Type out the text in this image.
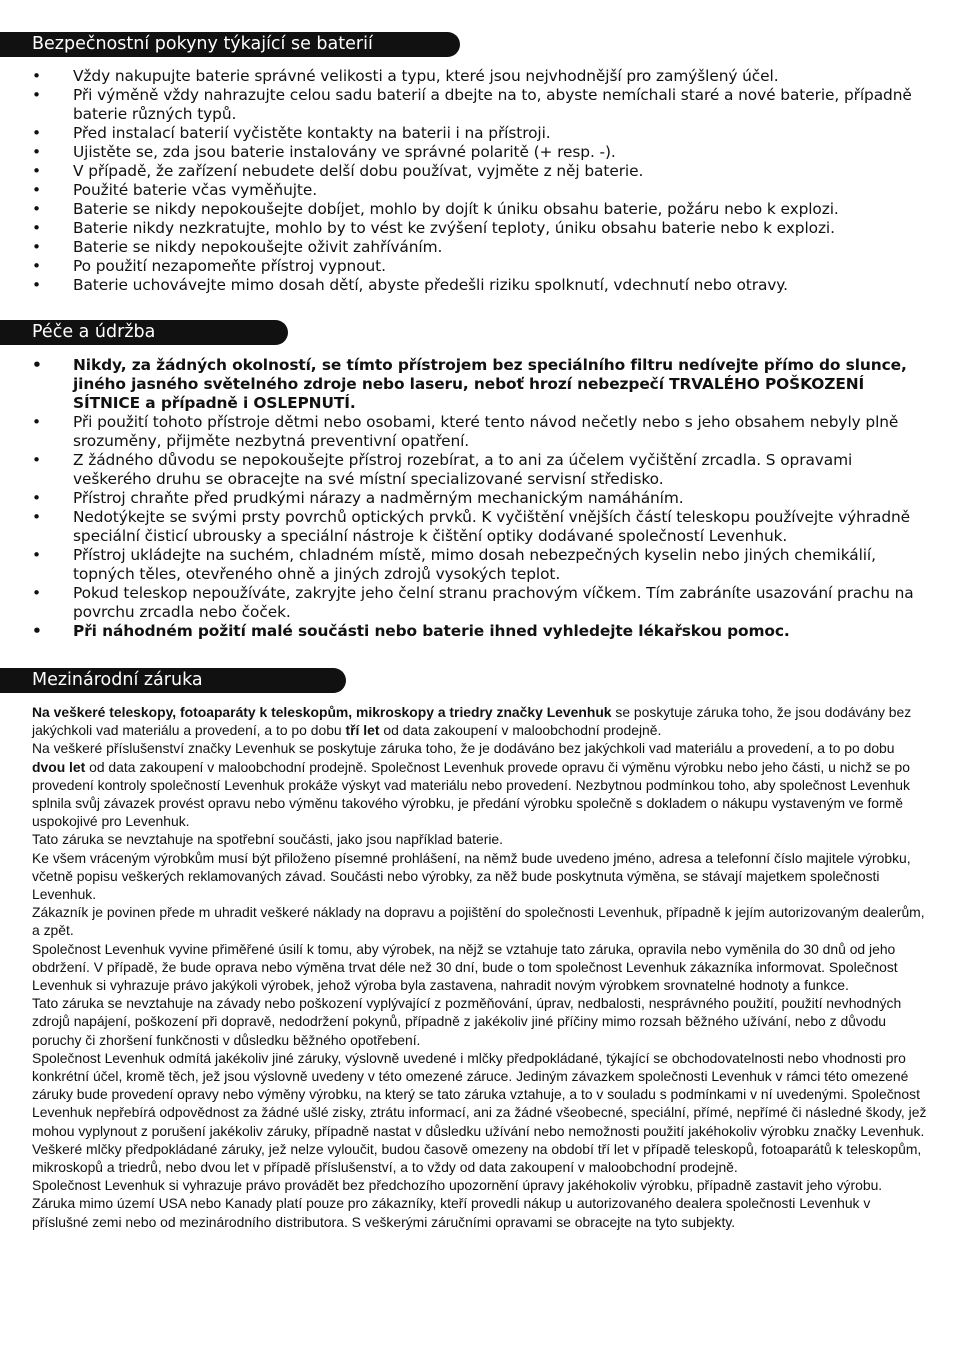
Bezpečnostní pokyny týkající se baterií
• Vždy nakupujte baterie správné velikosti a typu, které jsou nejvhodnější pro zamýšlený účel.
• Při výměně vždy nahrazujte celou sadu baterií a dbejte na to, abyste nemíchali staré a nové baterie, případně baterie různých typů.
• Před instalací baterií vyčistěte kontakty na baterii i na přístroji.
• Ujistěte se, zda jsou baterie instalovány ve správné polaritě (+ resp. -).
• V případě, že zařízení nebudete delší dobu používat, vyjměte z něj baterie.
• Použité baterie včas vyměňujte.
• Baterie se nikdy nepokoušejte dobíjet, mohlo by dojít k úniku obsahu baterie, požáru nebo k explozi.
• Baterie nikdy nezkratujte, mohlo by to vést ke zvýšení teploty, úniku obsahu baterie nebo k explozi.
• Baterie se nikdy nepokoušejte oživit zahříváním.
• Po použití nezapomeňte přístroj vypnout.
• Baterie uchovávejte mimo dosah dětí, abyste předešli riziku spolknutí, vdechnutí nebo otravy.
Péče a údržba
• Nikdy, za žádných okolností, se tímto přístrojem bez speciálního filtru nedívejte přímo do slunce, jiného jasného světelného zdroje nebo laseru, neboť hrozí nebezpečí TRVALÉHO POŠKOZENÍ SÍTNICE a případně i OSLEPNUTÍ.
• Při použití tohoto přístroje dětmi nebo osobami, které tento návod nečetly nebo s jeho obsahem nebyly plně srozuměny, přijměte nezbytná preventivní opatření.
• Z žádného důvodu se nepokoušejte přístroj rozebírat, a to ani za účelem vyčištění zrcadla. S opravami veškerého druhu se obracejte na své místní specializované servisní středisko.
• Přístroj chraňte před prudkými nárazy a nadměrným mechanickým namáháním.
• Nedotýkejte se svými prsty povrchů optických prvků. K vyčištění vnějších částí teleskopu používejte výhradně speciální čisticí ubrousky a speciální nástroje k čištění optiky dodávané společností Levenhuk.
• Přístroj ukládejte na suchém, chladném místě, mimo dosah nebezpečných kyselin nebo jiných chemikálií, topných těles, otevřeného ohně a jiných zdrojů vysokých teplot.
• Pokud teleskop nepoužíváte, zakryjte jeho čelní stranu prachovým víčkem. Tím zabráníte usazování prachu na povrchu zrcadla nebo čoček.
• Při náhodném požití malé součásti nebo baterie ihned vyhledejte lékařskou pomoc.
Mezinárodní záruka

Na veškeré teleskopy, fotoaparáty k teleskopům, mikroskopy a triedry značky Levenhuk se poskytuje záruka toho, že jsou dodávány bez jakýchkoli vad materiálu a provedení, a to po dobu tří let od data zakoupení v maloobchodní prodejně.

Na veškeré příslušenství značky Levenhuk se poskytuje záruka toho, že je dodáváno bez jakýchkoli vad materiálu a provedení, a to po dobu dvou let od data zakoupení v maloobchodní prodejně. Společnost Levenhuk provede opravu či výměnu výrobku nebo jeho části, u nichž se po provedení kontroly společností Levenhuk prokáže výskyt vad materiálu nebo provedení. Nezbytnou podmínkou toho, aby společnost Levenhuk splnila svůj závazek provést opravu nebo výměnu takového výrobku, je předání výrobku společně s dokladem o nákupu vystaveným ve formě uspokojivé pro Levenhuk.

Tato záruka se nevztahuje na spotřební součásti, jako jsou například baterie.

Ke všem vráceným výrobkům musí být přiloženo písemné prohlášení, na němž bude uvedeno jméno, adresa a telefonní číslo majitele výrobku, včetně popisu veškerých reklamovaných závad. Součásti nebo výrobky, za něž bude poskytnuta výměna, se stávají majetkem společnosti Levenhuk.

Zákazník je povinen přede m uhradit veškeré náklady na dopravu a pojištění do společnosti Levenhuk, případně k jejím autorizovaným dealerům, a zpět.

Společnost Levenhuk vyvine přiměřené úsilí k tomu, aby výrobek, na nějž se vztahuje tato záruka, opravila nebo vyměnila do 30 dnů od jeho obdržení. V případě, že bude oprava nebo výměna trvat déle než 30 dní, bude o tom společnost Levenhuk zákazníka informovat. Společnost Levenhuk si vyhrazuje právo jakýkoli výrobek, jehož výroba byla zastavena, nahradit novým výrobkem srovnatelné hodnoty a funkce.

Tato záruka se nevztahuje na závady nebo poškození vyplývající z pozměňování, úprav, nedbalosti, nesprávného použití, použití nevhodných zdrojů napájení, poškození při dopravě, nedodržení pokynů, případně z jakékoliv jiné příčiny mimo rozsah běžného užívání, nebo z důvodu poruchy či zhoršení funkčnosti v důsledku běžného opotřebení.

Společnost Levenhuk odmítá jakékoliv jiné záruky, výslovně uvedené i mlčky předpokládané, týkající se obchodovatelnosti nebo vhodnosti pro konkrétní účel, kromě těch, jež jsou výslovně uvedeny v této omezené záruce. Jediným závazkem společnosti Levenhuk v rámci této omezené záruky bude provedení opravy nebo výměny výrobku, na který se tato záruka vztahuje, a to v souladu s podmínkami v ní uvedenými. Společnost Levenhuk nepřebírá odpovědnost za žádné ušlé zisky, ztrátu informací, ani za žádné všeobecné, speciální, přímé, nepřímé či následné škody, jež mohou vyplynout z porušení jakékoliv záruky, případně nastat v důsledku užívání nebo nemožnosti použití jakéhokoliv výrobku značky Levenhuk.

Veškeré mlčky předpokládané záruky, jež nelze vyloučit, budou časově omezeny na období tří let v případě teleskopů, fotoaparátů k teleskopům, mikroskopů a triedrů, nebo dvou let v případě příslušenství, a to vždy od data zakoupení v maloobchodní prodejně.

Společnost Levenhuk si vyhrazuje právo provádět bez předchozího upozornění úpravy jakéhokoliv výrobku, případně zastavit jeho výrobu. Záruka mimo území USA nebo Kanady platí pouze pro zákazníky, kteří provedli nákup u autorizovaného dealera společnosti Levenhuk v příslušné zemi nebo od mezinárodního distributora. S veškerými záručními opravami se obracejte na tyto subjekty.
